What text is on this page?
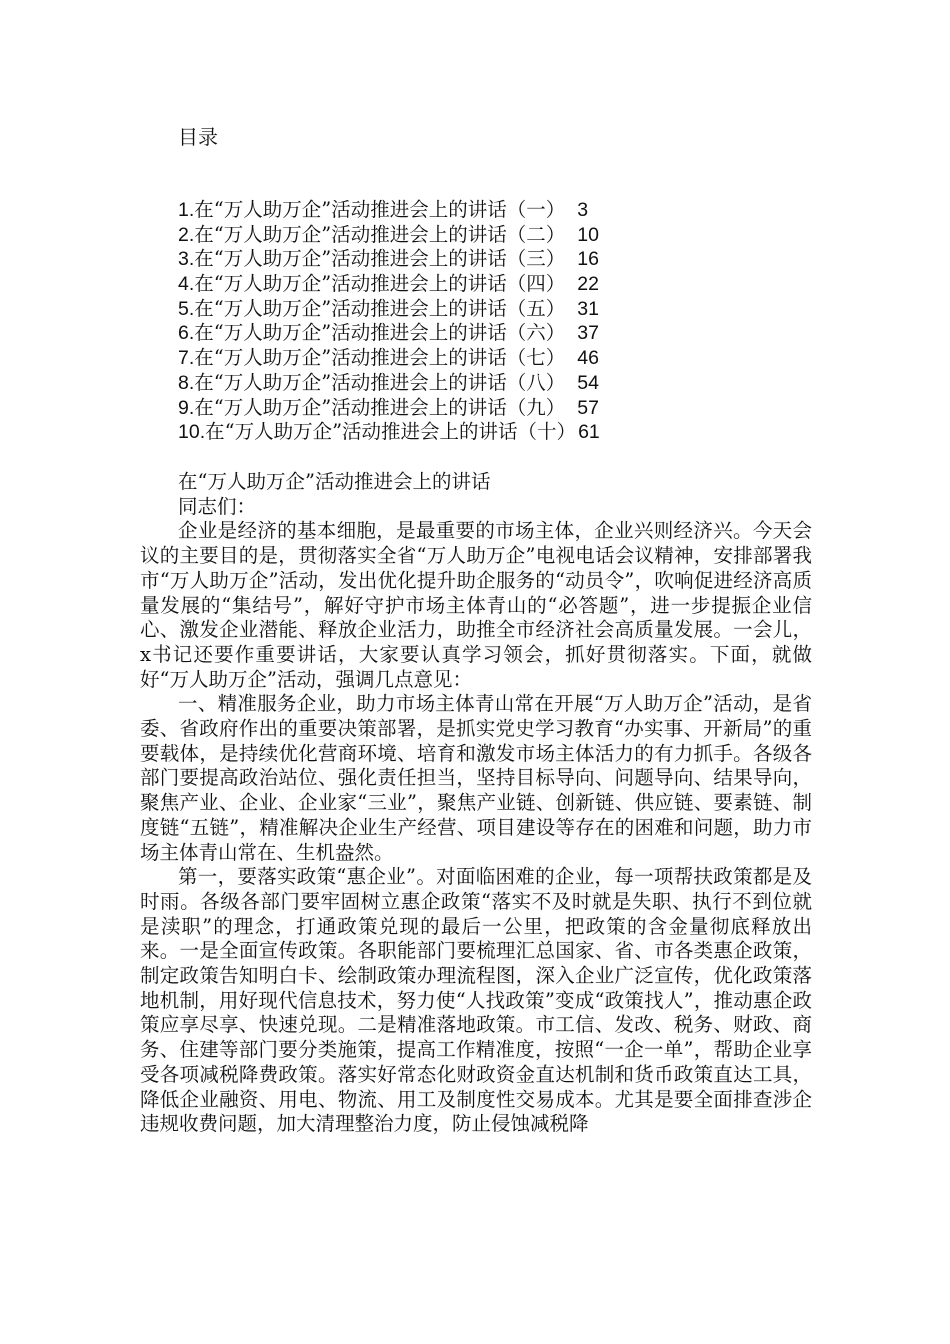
目录
1. 在“万人助万企”活动推进会上的讲话（一） 3
2. 在“万人助万企”活动推进会上的讲话（二） 10
3. 在“万人助万企”活动推进会上的讲话（三） 16
4. 在“万人助万企”活动推进会上的讲话（四） 22
5. 在“万人助万企”活动推进会上的讲话（五） 31
6. 在“万人助万企”活动推进会上的讲话（六） 37
7. 在“万人助万企”活动推进会上的讲话（七） 46
8. 在“万人助万企”活动推进会上的讲话（八） 54
9. 在“万人助万企”活动推进会上的讲话（九） 57
10. 在“万人助万企”活动推进会上的讲话（十） 61
在“万人助万企”活动推进会上的讲话
同志们：

企业是经济的基本细胞，是最重要的市场主体，企业兴则经济兴。今天会议的主要目的是，贯彻落实全省“万人助万企”电视电话会议精神，安排部署我市“万人助万企”活动，发出优化提升助企服务的“动员令”，吹响促进经济高质量发展的“集结号”，解好守护市场主体青山的“必答题”，进一步提振企业信心、激发企业潜能、释放企业活力，助推全市经济社会高质量发展。一会儿，x书记还要作重要讲话，大家要认真学习领会，抓好贯彻落实。下面，就做好“万人助万企”活动，强调几点意见：

一、精准服务企业，助力市场主体青山常在开展“万人助万企”活动，是省委、省政府作出的重要决策部署，是抓实党史学习教育“办实事、开新局”的重要载体，是持续优化营商环境、培育和激发市场主体活力的有力抓手。各级各部门要提高政治站位、强化责任担当，坚持目标导向、问题导向、结果导向，聚焦产业、企业、企业家“三业”，聚焦产业链、创新链、供应链、要素链、制度链“五链”，精准解决企业生产经营、项目建设等存在的困难和问题，助力市场主体青山常在、生机盎然。

第一，要落实政策“惠企业”。对面临困难的企业，每一项帮扶政策都是及时雨。各级各部门要牢固树立惠企政策“落实不及时就是失职、执行不到位就是渎职”的理念，打通政策兑现的最后一公里，把政策的含金量彻底释放出来。一是全面宣传政策。各职能部门要梳理汇总国家、省、市各类惠企政策，制定政策告知明白卡、绘制政策办理流程图，深入企业广泛宣传，优化政策落地机制，用好现代信息技术，努力使“人找政策”变成“政策找人”，推动惠企政策应享尽享、快速兑现。二是精准落地政策。市工信、发改、税务、财政、商务、住建等部门要分类施策，提高工作精准度，按照“一企一单”，帮助企业享受各项减税降费政策。落实好常态化财政资金直达机制和货币政策直达工具，降低企业融资、用电、物流、用工及制度性交易成本。尤其是要全面排查涉企违规收费问题，加大清理整治力度，防止侵蚀减税降
